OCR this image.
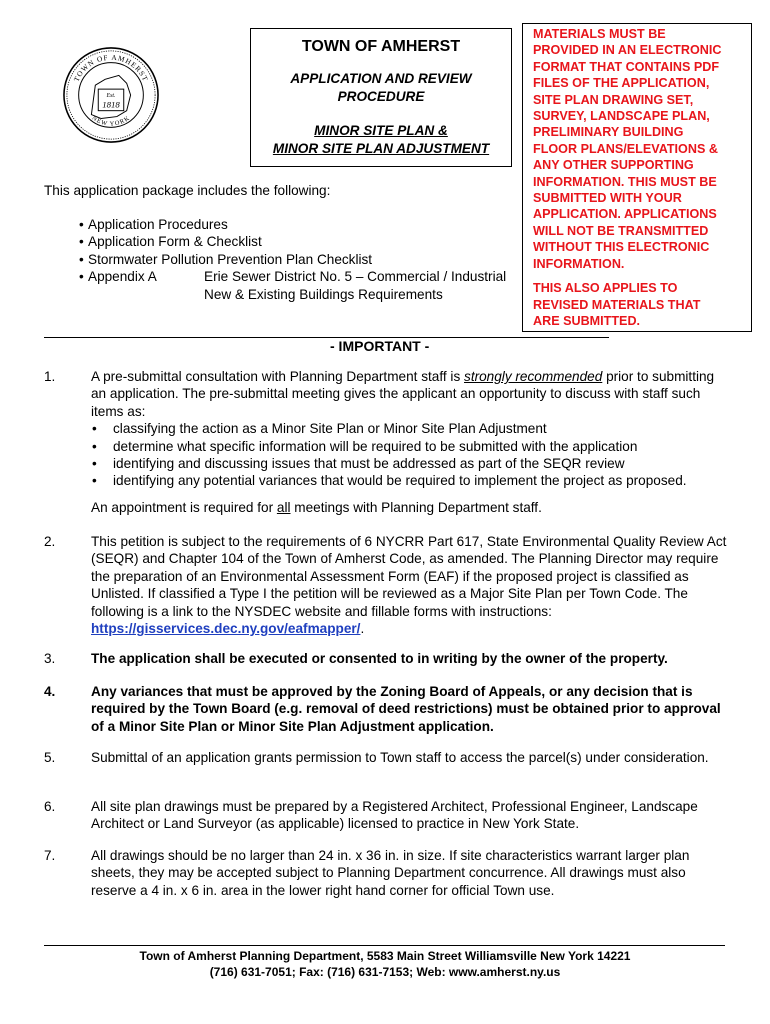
TOWN OF AMHERST
NEW YORK
Est.
1818
TOWN OF AMHERST
APPLICATION AND REVIEW
PROCEDURE
MINOR SITE PLAN &
MINOR SITE PLAN ADJUSTMENT

MATERIALS MUST BE
PROVIDED IN AN ELECTRONIC
FORMAT THAT CONTAINS PDF
FILES OF THE APPLICATION,
SITE PLAN DRAWING SET,
SURVEY, LANDSCAPE PLAN,
PRELIMINARY BUILDING
FLOOR PLANS/ELEVATIONS &
ANY OTHER SUPPORTING
INFORMATION. THIS MUST BE
SUBMITTED WITH YOUR
APPLICATION. APPLICATIONS
WILL NOT BE TRANSMITTED
WITHOUT THIS ELECTRONIC
INFORMATION.

THIS ALSO APPLIES TO
REVISED MATERIALS THAT
ARE SUBMITTED.

This application package includes the following:
• Application Procedures
• Application Form & Checklist
• Stormwater Pollution Prevention Plan Checklist
• Appendix A	Erie Sewer District No. 5 – Commercial / Industrial
New & Existing Buildings Requirements
- IMPORTANT -
1.	A pre-submittal consultation with Planning Department staff is strongly recommended prior to submitting an application. The pre-submittal meeting gives the applicant an opportunity to discuss with staff such items as:
• classifying the action as a Minor Site Plan or Minor Site Plan Adjustment
• determine what specific information will be required to be submitted with the application
• identifying and discussing issues that must be addressed as part of the SEQR review
• identifying any potential variances that would be required to implement the project as proposed.
An appointment is required for all meetings with Planning Department staff.
2.	This petition is subject to the requirements of 6 NYCRR Part 617, State Environmental Quality Review Act (SEQR) and Chapter 104 of the Town of Amherst Code, as amended. The Planning Director may require the preparation of an Environmental Assessment Form (EAF) if the proposed project is classified as Unlisted. If classified a Type I the petition will be reviewed as a Major Site Plan per Town Code. The following is a link to the NYSDEC website and fillable forms with instructions: https://gisservices.dec.ny.gov/eafmapper/.
3.	The application shall be executed or consented to in writing by the owner of the property.
4.	Any variances that must be approved by the Zoning Board of Appeals, or any decision that is required by the Town Board (e.g. removal of deed restrictions) must be obtained prior to approval of a Minor Site Plan or Minor Site Plan Adjustment application.
5.	Submittal of an application grants permission to Town staff to access the parcel(s) under consideration.
6.	All site plan drawings must be prepared by a Registered Architect, Professional Engineer, Landscape Architect or Land Surveyor (as applicable) licensed to practice in New York State.
7.	All drawings should be no larger than 24 in. x 36 in. in size. If site characteristics warrant larger plan sheets, they may be accepted subject to Planning Department concurrence. All drawings must also reserve a 4 in. x 6 in. area in the lower right hand corner for official Town use.
Town of Amherst Planning Department, 5583 Main Street Williamsville New York 14221
(716) 631-7051; Fax: (716) 631-7153; Web: www.amherst.ny.us
